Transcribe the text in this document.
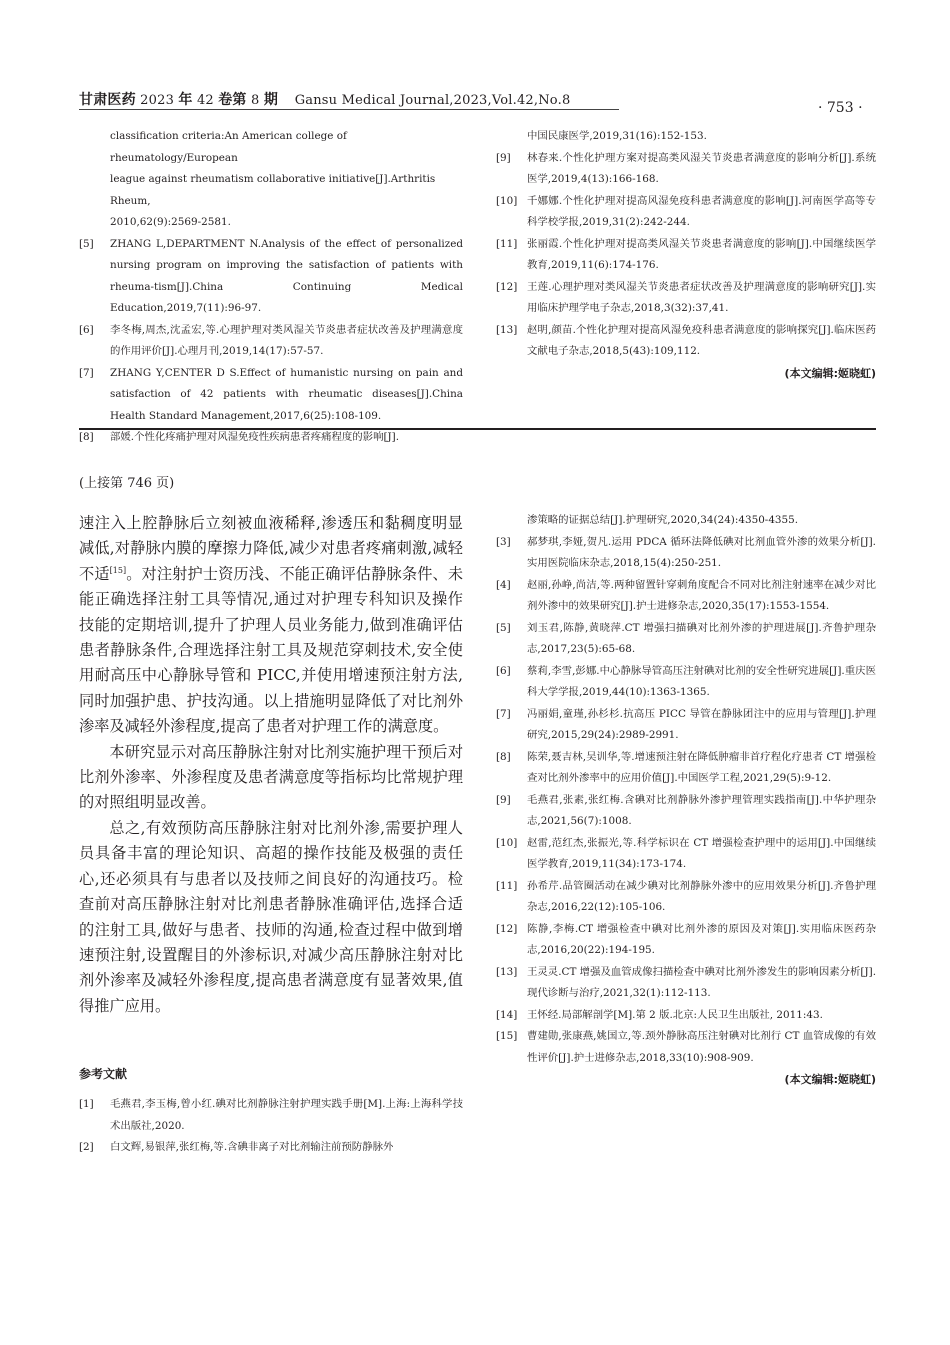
甘肃医药 2023 年 42 卷第 8 期 Gansu Medical Journal,2023,Vol.42,No.8	· 753 ·
classification criteria:An American college of rheumatology/European
league against rheumatism collaborative initiative[J].Arthritis Rheum,
2010,62(9):2569-2581.
[5] ZHANG L,DEPARTMENT N.Analysis of the effect of personalized nursing program on improving the satisfaction of patients with rheuma-tism[J].China Continuing Medical Education,2019,7(11):96-97.
[6] 李冬梅,周杰,沈孟宏,等.心理护理对类风湿关节炎患者症状改善及护理满意度的作用评价[J].心理月刊,2019,14(17):57-57.
[7] ZHANG Y,CENTER D S.Effect of humanistic nursing on pain and satisfaction of 42 patients with rheumatic diseases[J].China Health Standard Management,2017,6(25):108-109.
[8] 部媛.个性化疼痛护理对风湿免疫性疾病患者疼痛程度的影响[J].
中国民康医学,2019,31(16):152-153.
[9] 林春来.个性化护理方案对提高类风湿关节炎患者满意度的影响分析[J].系统医学,2019,4(13):166-168.
[10] 千娜娜.个性化护理对提高风湿免疫科患者满意度的影响[J].河南医学高等专科学校学报,2019,31(2):242-244.
[11] 张丽霞.个性化护理对提高类风湿关节炎患者满意度的影响[J].中国继续医学教育,2019,11(6):174-176.
[12] 王莲.心理护理对类风湿关节炎患者症状改善及护理满意度的影响研究[J].实用临床护理学电子杂志,2018,3(32):37,41.
[13] 赵明,颜苗.个性化护理对提高风湿免疫科患者满意度的影响探究[J].临床医药文献电子杂志,2018,5(43):109,112.
(本文编辑:姬晓虹)
(上接第 746 页)

速注入上腔静脉后立刻被血液稀释,渗透压和黏稠度明显减低,对静脉内膜的摩擦力降低,减少对患者疼痛刺激,减轻不适[15]。对注射护士资历浅、不能正确评估静脉条件、未能正确选择注射工具等情况,通过对护理专科知识及操作技能的定期培训,提升了护理人员业务能力,做到准确评估患者静脉条件,合理选择注射工具及规范穿刺技术,安全使用耐高压中心静脉导管和 PICC,并使用增速预注射方法,同时加强护患、护技沟通。以上措施明显降低了对比剂外渗率及减轻外渗程度,提高了患者对护理工作的满意度。

本研究显示对高压静脉注射对比剂实施护理干预后对比剂外渗率、外渗程度及患者满意度等指标均比常规护理的对照组明显改善。

总之,有效预防高压静脉注射对比剂外渗,需要护理人员具备丰富的理论知识、高超的操作技能及极强的责任心,还必须具有与患者以及技师之间良好的沟通技巧。检查前对高压静脉注射对比剂患者静脉准确评估,选择合适的注射工具,做好与患者、技师的沟通,检查过程中做到增速预注射,设置醒目的外渗标识,对减少高压静脉注射对比剂外渗率及减轻外渗程度,提高患者满意度有显著效果,值得推广应用。

参考文献
[1] 毛燕君,李玉梅,曾小红.碘对比剂静脉注射护理实践手册[M].上海:上海科学技术出版社,2020.
[2] 白文辉,易银萍,张红梅,等.含碘非离子对比剂输注前预防静脉外
渗策略的证据总结[J].护理研究,2020,34(24):4350-4355.
[3] 郝梦琪,李娅,贺凡.运用 PDCA 循环法降低碘对比剂血管外渗的效果分析[J].实用医院临床杂志,2018,15(4):250-251.
[4] 赵丽,孙峥,尚洁,等.两种留置针穿刺角度配合不同对比剂注射速率在减少对比剂外渗中的效果研究[J].护士进修杂志,2020,35(17):1553-1554.
[5] 刘玉君,陈静,黄晓萍.CT 增强扫描碘对比剂外渗的护理进展[J].齐鲁护理杂志,2017,23(5):65-68.
[6] 蔡莉,李雪,彭娜.中心静脉导管高压注射碘对比剂的安全性研究进展[J].重庆医科大学学报,2019,44(10):1363-1365.
[7] 冯丽娟,童瑾,孙杉杉.抗高压 PICC 导管在静脉团注中的应用与管理[J].护理研究,2015,29(24):2989-2991.
[8] 陈荣,聂吉林,吴训华,等.增速预注射在降低肿瘤非首疗程化疗患者 CT 增强检查对比剂外渗率中的应用价值[J].中国医学工程,2021,29(5):9-12.
[9] 毛燕君,张素,张红梅.含碘对比剂静脉外渗护理管理实践指南[J].中华护理杂志,2021,56(7):1008.
[10] 赵雷,范红杰,张振光,等.科学标识在 CT 增强检查护理中的运用[J].中国继续医学教育,2019,11(34):173-174.
[11] 孙希芹.品管圈活动在减少碘对比剂静脉外渗中的应用效果分析[J].齐鲁护理杂志,2016,22(12):105-106.
[12] 陈静,李梅.CT 增强检查中碘对比剂外渗的原因及对策[J].实用临床医药杂志,2016,20(22):194-195.
[13] 王灵灵.CT 增强及血管成像扫描检查中碘对比剂外渗发生的影响因素分析[J].现代诊断与治疗,2021,32(1):112-113.
[14] 王怀经.局部解剖学[M].第 2 版.北京:人民卫生出版社, 2011:43.
[15] 曹建勋,张康燕,姚国立,等.颈外静脉高压注射碘对比剂行 CT 血管成像的有效性评价[J].护士进修杂志,2018,33(10):908-909.
(本文编辑:姬晓虹)
